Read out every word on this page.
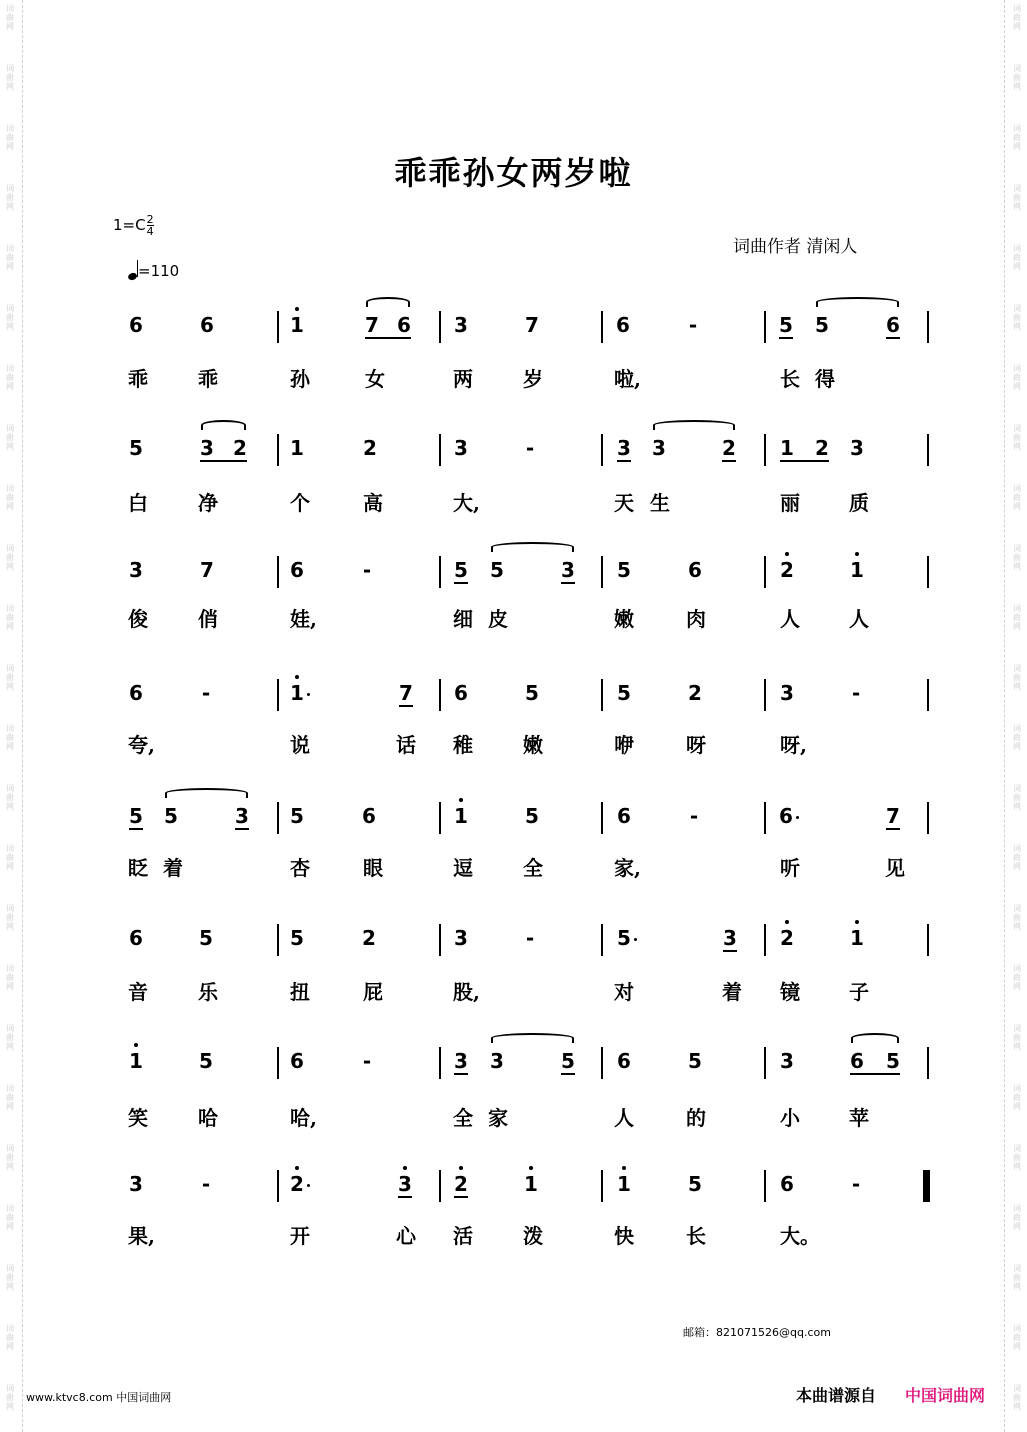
词
曲
网
词
曲
网
词
曲
网
词
曲
网
词
曲
网
词
曲
网
词
曲
网
词
曲
网
词
曲
网
词
曲
网
词
曲
网
词
曲
网
词
曲
网
词
曲
网
词
曲
网
词
曲
网
词
曲
网
词
曲
网
词
曲
网
词
曲
网
词
曲
网
词
曲
网
词
曲
网
词
曲
网
词
曲
网
词
曲
网
词
曲
网
词
曲
网
词
曲
网
词
曲
网
词
曲
网
词
曲
网
词
曲
网
词
曲
网
词
曲
网
词
曲
网
词
曲
网
词
曲
网
词
曲
网
词
曲
网
词
曲
网
词
曲
网
词
曲
网
词
曲
网
词
曲
网
词
曲
网
词
曲
网
词
曲
网
乖乖孙女两岁啦
$1=C \frac{2}{4}$
=110
词曲作者 清闲人
6	6	1	7 6 3	7	6	-	5 5	6
乖	乖	孙	女	两	岁	啦,	长 得
5	3 2 1	2	3	-	3 3	2 1 2 3
白	净	个	高	大,	天 生	丽	质
3	7	6	-	5 5	3 5	6	2	1
俊	俏	娃,	细 皮	嫩	肉	人	人
6	-	1	7 6	5	5	2	3	-
夸,	说	话	稚	嫩	咿	呀	呀,
5 5	3 5	6	1	5	6	-	6	7
眨 着	杏	眼	逗	全	家,	听	见
6	5	5	2	3	-	5	3 2	1
音	乐	扭	屁	股,	对	着	镜	子
1	5	6	-	3 3	5 6	5	3	6 5
笑	哈	哈,	全 家	人	的	小	苹
3	-	2	3 2	1	1	5	6	-
果,	开	心	活	泼	快	长	大。
邮箱：821071526@qq.com
www.ktvc8.com 中国词曲网	本曲谱源自 中国词曲网
